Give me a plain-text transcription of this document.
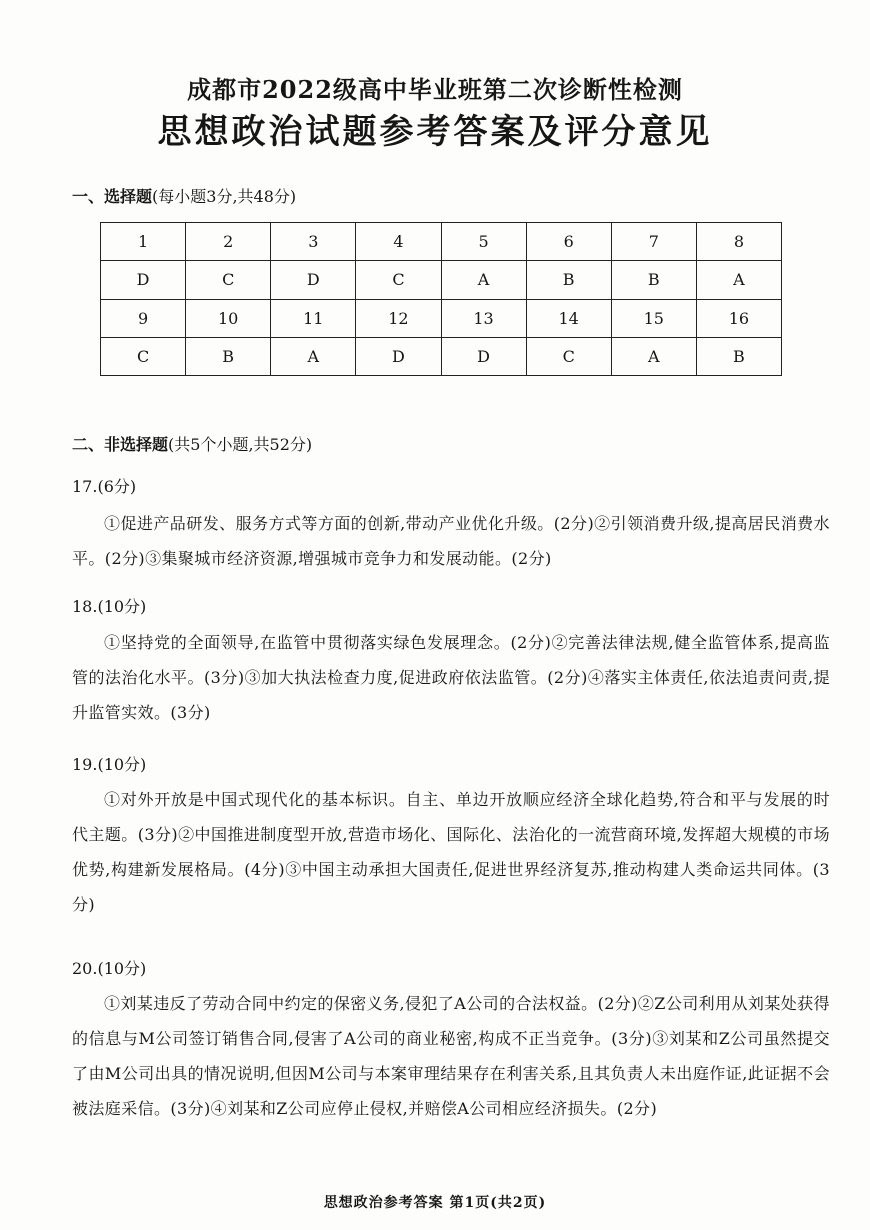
成都市2022级高中毕业班第二次诊断性检测
思想政治试题参考答案及评分意见
一、选择题(每小题3分,共48分)
1	2	3	4	5	6	7	8
D	C	D	C	A	B	B	A
9	10	11	12	13	14	15	16
C	B	A	D	D	C	A	B
二、非选择题(共5个小题,共52分)
17.(6分)
①促进产品研发、服务方式等方面的创新,带动产业优化升级。(2分)②引领消费升级,提高居民消费水平。(2分)③集聚城市经济资源,增强城市竞争力和发展动能。(2分)
18.(10分)
①坚持党的全面领导,在监管中贯彻落实绿色发展理念。(2分)②完善法律法规,健全监管体系,提高监管的法治化水平。(3分)③加大执法检查力度,促进政府依法监管。(2分)④落实主体责任,依法追责问责,提升监管实效。(3分)
19.(10分)
①对外开放是中国式现代化的基本标识。自主、单边开放顺应经济全球化趋势,符合和平与发展的时代主题。(3分)②中国推进制度型开放,营造市场化、国际化、法治化的一流营商环境,发挥超大规模的市场优势,构建新发展格局。(4分)③中国主动承担大国责任,促进世界经济复苏,推动构建人类命运共同体。(3分)
20.(10分)
①刘某违反了劳动合同中约定的保密义务,侵犯了A公司的合法权益。(2分)②Z公司利用从刘某处获得的信息与M公司签订销售合同,侵害了A公司的商业秘密,构成不正当竞争。(3分)③刘某和Z公司虽然提交了由M公司出具的情况说明,但因M公司与本案审理结果存在利害关系,且其负责人未出庭作证,此证据不会被法庭采信。(3分)④刘某和Z公司应停止侵权,并赔偿A公司相应经济损失。(2分)
思想政治参考答案 第1页(共2页)
